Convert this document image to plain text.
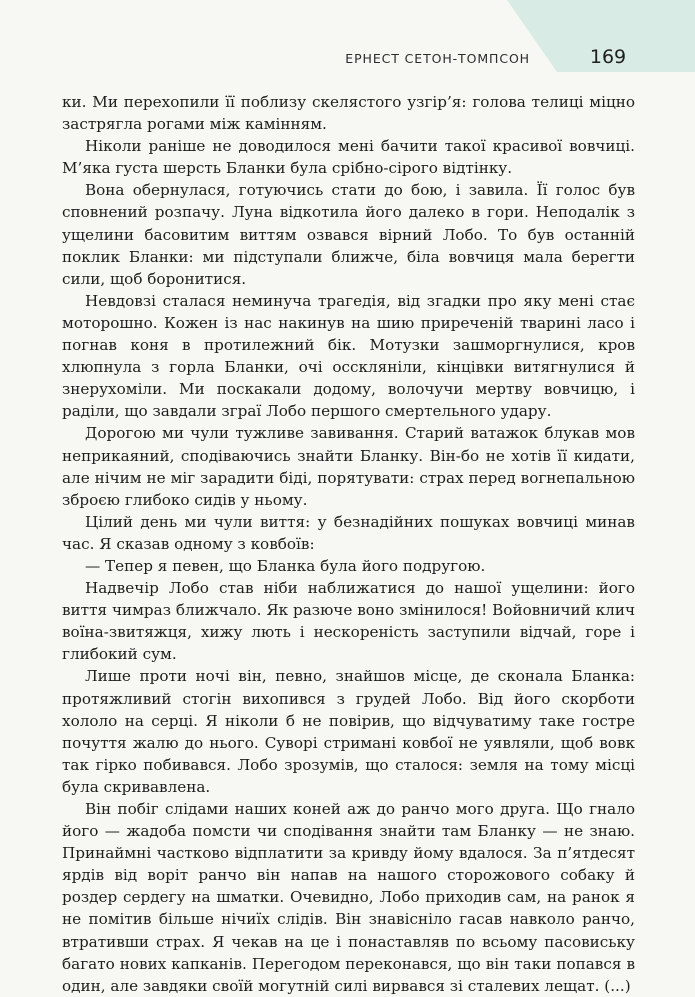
ЕРНЕСТ СЕТОН-ТОМПСОН	169

ки. Ми перехопили її поблизу скелястого узгір’я: голова телиці міцно застрягла рогами між камінням.

Ніколи раніше не доводилося мені бачити такої красивої вовчиці. М’яка густа шерсть Бланки була срібно-сірого відтінку.

Вона обернулася, готуючись стати до бою, і завила. Її голос був сповнений розпачу. Луна відкотила його далеко в гори. Неподалік з ущелини басовитим виттям озвався вірний Лобо. То був останній поклик Бланки: ми підступали ближче, біла вовчиця мала берегти сили, щоб боронитися.

Невдовзі сталася неминуча трагедія, від згадки про яку мені стає моторошно. Кожен із нас накинув на шию приреченій тварині ласо і погнав коня в протилежний бік. Мотузки зашморгнулися, кров хлюпнула з горла Бланки, очі осскляніли, кінцівки витягнулися й знерухоміли. Ми поскакали додому, волочучи мертву вовчицю, і раділи, що завдали зграї Лобо першого смертельного удару.

Дорогою ми чули тужливе завивання. Старий ватажок блукав мов неприкаяний, сподіваючись знайти Бланку. Він-бо не хотів її кидати, але нічим не міг зарадити біді, порятувати: страх перед вогнепальною зброєю глибоко сидів у ньому.

Цілий день ми чули виття: у безнадійних пошуках вовчиці минав час. Я сказав одному з ковбоїв:

— Тепер я певен, що Бланка була його подругою.

Надвечір Лобо став ніби наближатися до нашої ущелини: його виття чимраз ближчало. Як разюче воно змінилося! Войовничий клич воїна-звитяжця, хижу лють і нескореність заступили відчай, горе і глибокий сум.

Лише проти ночі він, певно, знайшов місце, де сконала Бланка: протяжливий стогін вихопився з грудей Лобо. Від його скорботи хололо на серці. Я ніколи б не повірив, що відчуватиму таке гостре почуття жалю до нього. Суворі стримані ковбої не уявляли, щоб вовк так гірко побивався. Лобо зрозумів, що сталося: земля на тому місці була скривавлена.

Він побіг слідами наших коней аж до ранчо мого друга. Що гнало його — жадоба помсти чи сподівання знайти там Бланку — не знаю. Принаймні частково відплатити за кривду йому вдалося. За п’ятдесят ярдів від воріт ранчо він напав на нашого сторожового собаку й роздер сердегу на шматки. Очевидно, Лобо приходив сам, на ранок я не помітив більше нічиїх слідів. Він знавісніло гасав навколо ранчо, втративши страх. Я чекав на це і понаставляв по всьому пасовиську багато нових капканів. Перегодом переконався, що він таки попався в один, але завдяки своїй могутній силі вирвався зі сталевих лещат. (...)
